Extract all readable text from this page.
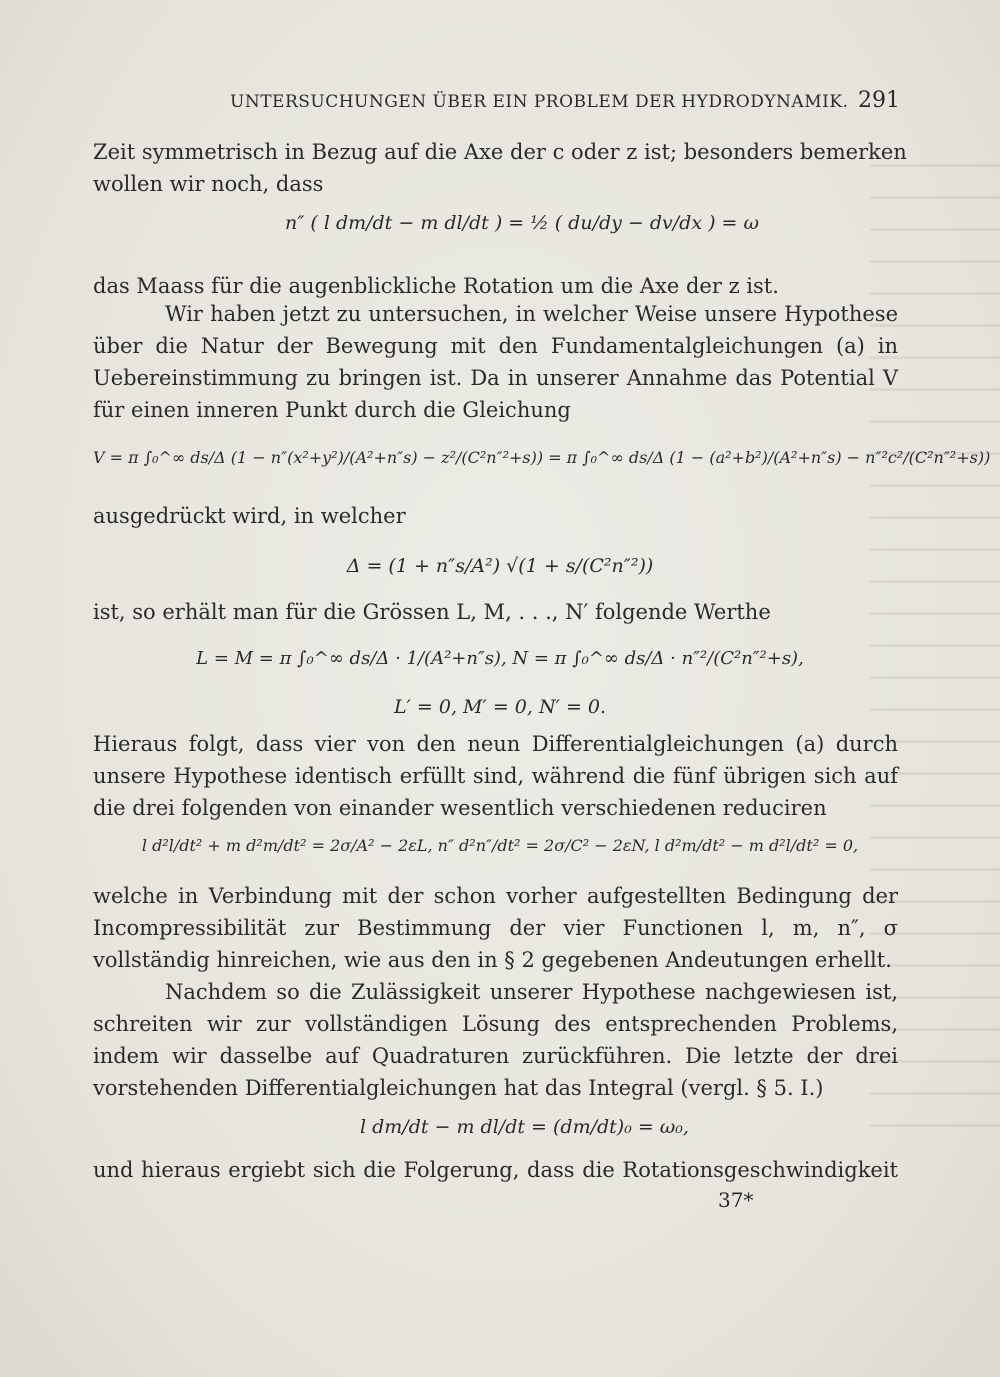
UNTERSUCHUNGEN ÜBER EIN PROBLEM DER HYDRODYNAMIK. 291
Zeit symmetrisch in Bezug auf die Axe der c oder z ist; besonders bemerken
wollen wir noch, dass
n″ ( l dm/dt − m dl/dt ) = ½ ( du/dy − dv/dx ) = ω
das Maass für die augenblickliche Rotation um die Axe der z ist.
Wir haben jetzt zu untersuchen, in welcher Weise unsere Hypothese über die Natur der Bewegung mit den Fundamentalgleichungen (a) in Uebereinstimmung zu bringen ist. Da in unserer Annahme das Potential V für einen inneren Punkt durch die Gleichung
V = π ∫₀^∞ ds/Δ (1 − n″(x²+y²)/(A²+n″s) − z²/(C²n″²+s)) = π ∫₀^∞ ds/Δ (1 − (a²+b²)/(A²+n″s) − n″²c²/(C²n″²+s))
ausgedrückt wird, in welcher
Δ = (1 + n″s/A²) √(1 + s/(C²n″²))
ist, so erhält man für die Grössen L, M, . . ., N′ folgende Werthe
L = M = π ∫₀^∞ ds/Δ · 1/(A²+n″s), N = π ∫₀^∞ ds/Δ · n″²/(C²n″²+s),
L′ = 0, M′ = 0, N′ = 0.
Hieraus folgt, dass vier von den neun Differentialgleichungen (a) durch unsere Hypothese identisch erfüllt sind, während die fünf übrigen sich auf die drei folgenden von einander wesentlich verschiedenen reduciren
l d²l/dt² + m d²m/dt² = 2σ/A² − 2εL, n″ d²n″/dt² = 2σ/C² − 2εN, l d²m/dt² − m d²l/dt² = 0,
welche in Verbindung mit der schon vorher aufgestellten Bedingung der Incompressibilität zur Bestimmung der vier Functionen l, m, n″, σ vollständig hinreichen, wie aus den in § 2 gegebenen Andeutungen erhellt.
Nachdem so die Zulässigkeit unserer Hypothese nachgewiesen ist, schreiten wir zur vollständigen Lösung des entsprechenden Problems, indem wir dasselbe auf Quadraturen zurückführen. Die letzte der drei vorstehenden Differentialgleichungen hat das Integral (vergl. § 5. I.)
l dm/dt − m dl/dt = (dm/dt)₀ = ω₀,
und hieraus ergiebt sich die Folgerung, dass die Rotationsgeschwindigkeit
37*
